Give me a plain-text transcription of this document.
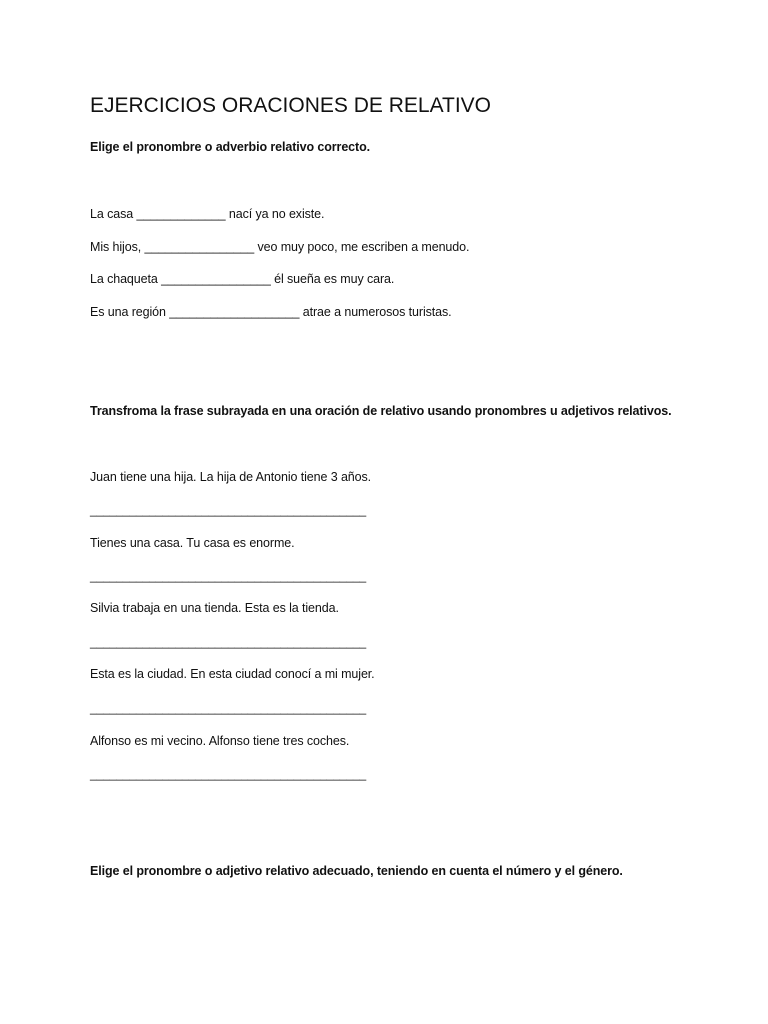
EJERCICIOS ORACIONES DE RELATIVO

Elige el pronombre o adverbio relativo correcto.

La casa _____________ nací ya no existe.

Mis hijos, ________________ veo muy poco, me escriben a menudo.

La chaqueta ________________ él sueña es muy cara.

Es una región ___________________ atrae a numerosos turistas.

Transfroma la frase subrayada en una oración de relativo usando pronombres u adjetivos relativos.

Juan tiene una hija. La hija de Antonio tiene 3 años.

__________________________________________

Tienes una casa. Tu casa es enorme.

__________________________________________

Silvia trabaja en una tienda. Esta es la tienda.

__________________________________________

Esta es la ciudad. En esta ciudad conocí a mi mujer.

__________________________________________

Alfonso es mi vecino. Alfonso tiene tres coches.

__________________________________________

Elige el pronombre o adjetivo relativo adecuado, teniendo en cuenta el número y el género.
